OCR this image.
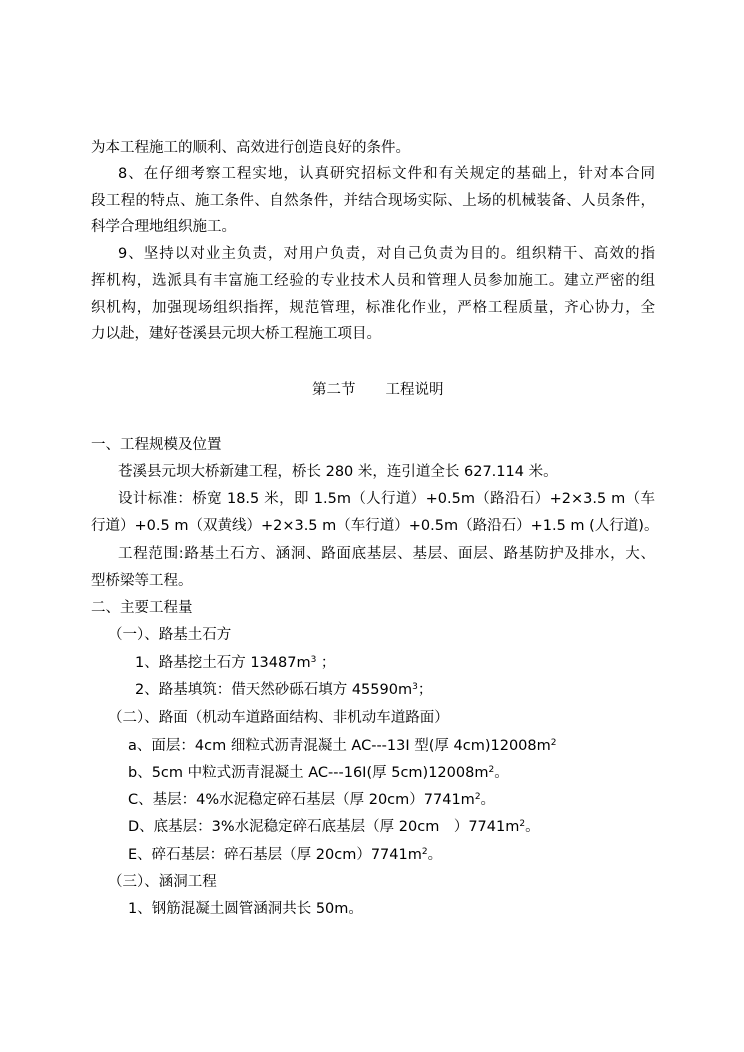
为本工程施工的顺利、高效进行创造良好的条件。
8、在仔细考察工程实地，认真研究招标文件和有关规定的基础上，针对本合同
段工程的特点、施工条件、自然条件，并结合现场实际、上场的机械装备、人员条件，
科学合理地组织施工。
9、坚持以对业主负责，对用户负责，对自己负责为目的。组织精干、高效的指
挥机构，选派具有丰富施工经验的专业技术人员和管理人员参加施工。建立严密的组
织机构，加强现场组织指挥，规范管理，标准化作业，严格工程质量，齐心协力，全
力以赴，建好苍溪县元坝大桥工程施工项目。
第二节 工程说明
一、工程规模及位置
苍溪县元坝大桥新建工程，桥长 280 米，连引道全长 627.114 米。
设计标准：桥宽 18.5 米，即 1.5m（人行道）+0.5m（路沿石）+2×3.5 m（车
行道）+0.5 m（双黄线）+2×3.5 m（车行道）+0.5m（路沿石）+1.5 m (人行道)。
工程范围:路基土石方、涵洞、路面底基层、基层、面层、路基防护及排水，大、
型桥梁等工程。
二、主要工程量
（一）、路基土石方
1、路基挖土石方 $13487m^3$ ；
2、路基填筑：借天然砂砾石填方 $45590m^3$；
（二）、路面（机动车道路面结构、非机动车道路面）
a、面层：4cm 细粒式沥青混凝土 AC---13I 型(厚 $4cm)12008m^2$
b、5cm 中粒式沥青混凝土 AC---16I(厚 $5cm)12008m^2$。
C、基层：4%水泥稳定碎石基层（厚 $20cm)7741m^2$。
D、底基层：3%水泥稳定碎石底基层（厚 20cm　）$7741m^2$。
E、碎石基层：碎石基层（厚 $20cm)7741m^2$。
（三）、涵洞工程
1、钢筋混凝土圆管涵洞共长 50m。
